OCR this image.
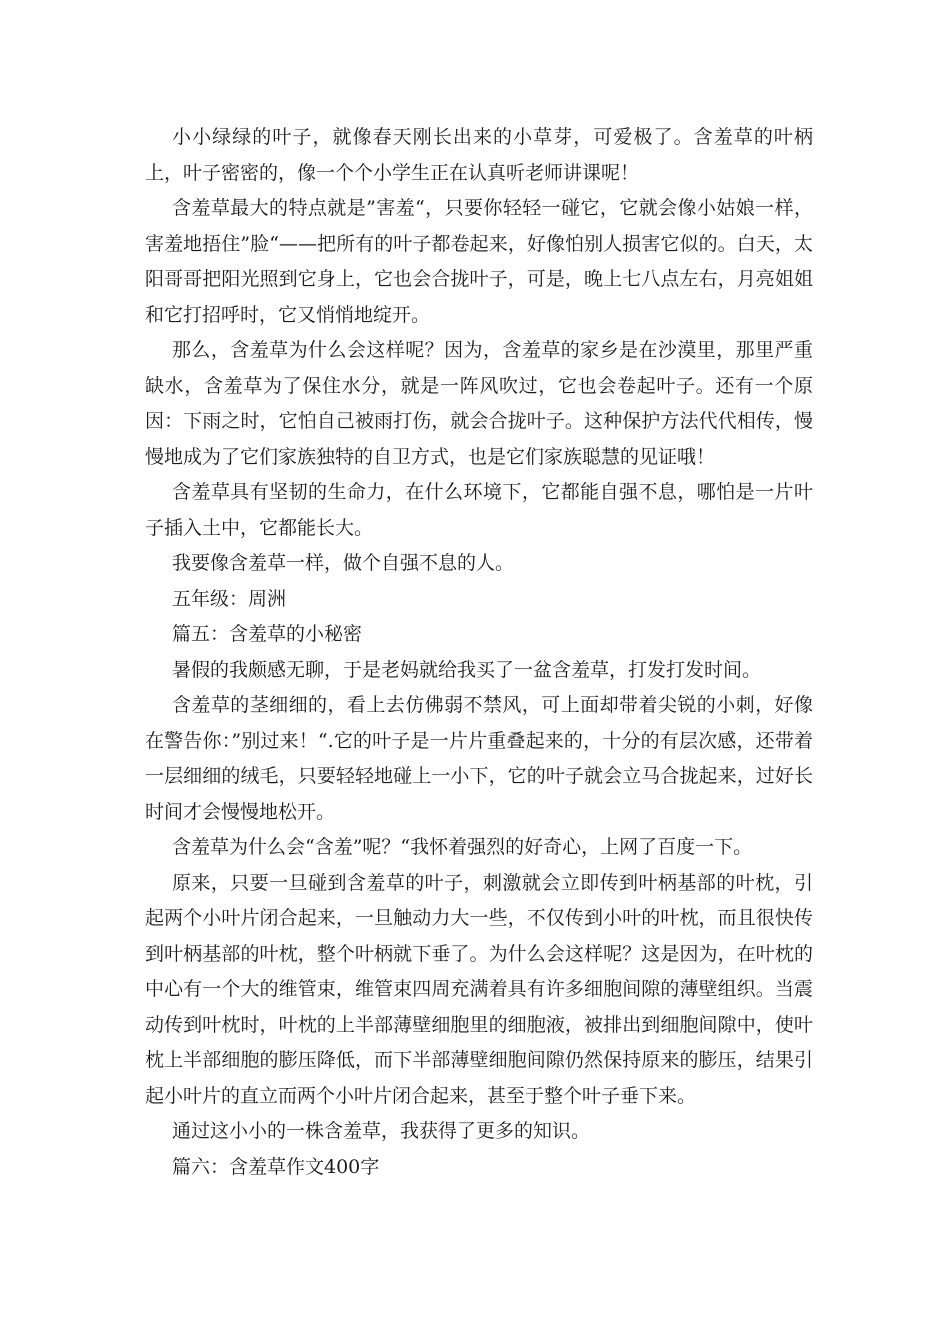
小小绿绿的叶子，就像春天刚长出来的小草芽，可爱极了。含羞草的叶柄上，叶子密密的，像一个个小学生正在认真听老师讲课呢！

含羞草最大的特点就是”害羞“，只要你轻轻一碰它，它就会像小姑娘一样，害羞地捂住”脸“——把所有的叶子都卷起来，好像怕别人损害它似的。白天，太阳哥哥把阳光照到它身上，它也会合拢叶子，可是，晚上七八点左右，月亮姐姐和它打招呼时，它又悄悄地绽开。

那么，含羞草为什么会这样呢？因为，含羞草的家乡是在沙漠里，那里严重缺水，含羞草为了保住水分，就是一阵风吹过，它也会卷起叶子。还有一个原因：下雨之时，它怕自己被雨打伤，就会合拢叶子。这种保护方法代代相传，慢慢地成为了它们家族独特的自卫方式，也是它们家族聪慧的见证哦！

含羞草具有坚韧的生命力，在什么环境下，它都能自强不息，哪怕是一片叶子插入土中，它都能长大。

我要像含羞草一样，做个自强不息的人。

五年级：周洲

篇五：含羞草的小秘密

暑假的我颇感无聊，于是老妈就给我买了一盆含羞草，打发打发时间。

含羞草的茎细细的，看上去仿佛弱不禁风，可上面却带着尖锐的小刺，好像在警告你：”别过来！“.它的叶子是一片片重叠起来的，十分的有层次感，还带着一层细细的绒毛，只要轻轻地碰上一小下，它的叶子就会立马合拢起来，过好长时间才会慢慢地松开。

含羞草为什么会“含羞”呢？“我怀着强烈的好奇心，上网了百度一下。

原来，只要一旦碰到含羞草的叶子，刺激就会立即传到叶柄基部的叶枕，引起两个小叶片闭合起来，一旦触动力大一些，不仅传到小叶的叶枕，而且很快传到叶柄基部的叶枕，整个叶柄就下垂了。为什么会这样呢？这是因为，在叶枕的中心有一个大的维管束，维管束四周充满着具有许多细胞间隙的薄壁组织。当震动传到叶枕时，叶枕的上半部薄壁细胞里的细胞液，被排出到细胞间隙中，使叶枕上半部细胞的膨压降低，而下半部薄壁细胞间隙仍然保持原来的膨压，结果引起小叶片的直立而两个小叶片闭合起来，甚至于整个叶子垂下来。

通过这小小的一株含羞草，我获得了更多的知识。

篇六：含羞草作文400字
